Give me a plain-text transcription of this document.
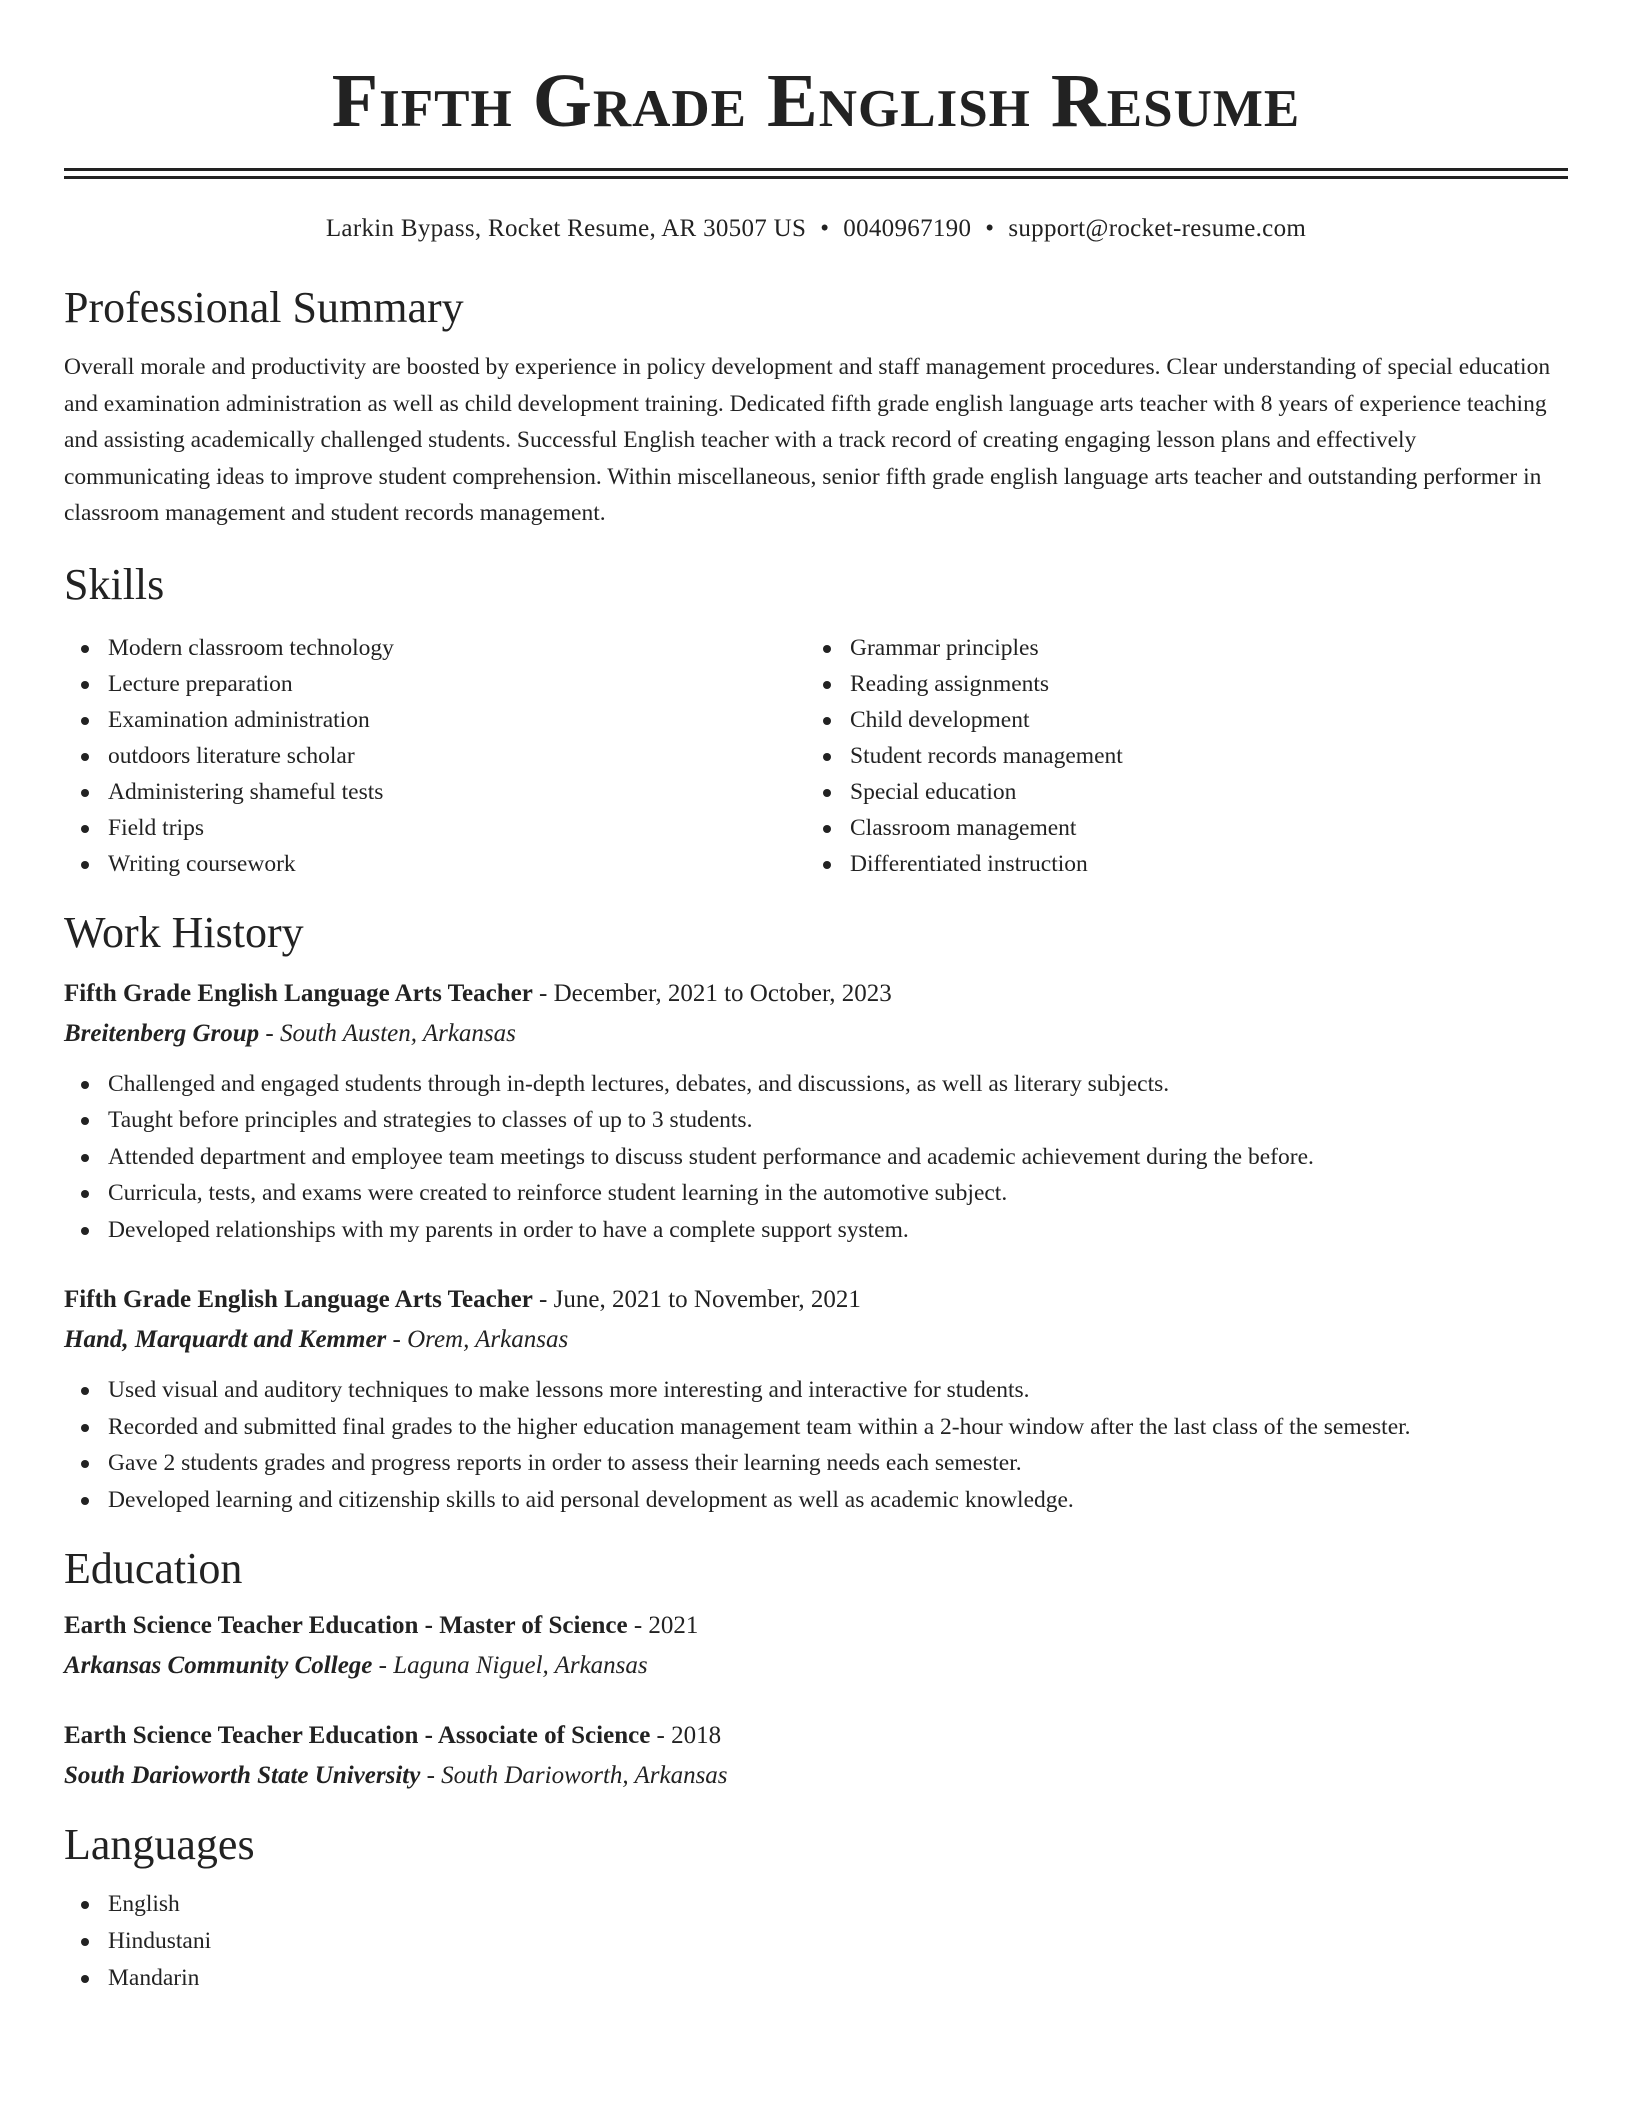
Fifth Grade English Resume
Larkin Bypass, Rocket Resume, AR 30507 US • 0040967190 • support@rocket-resume.com
Professional Summary

Overall morale and productivity are boosted by experience in policy development and staff management procedures. Clear understanding of special education and examination administration as well as child development training. Dedicated fifth grade english language arts teacher with 8 years of experience teaching and assisting academically challenged students. Successful English teacher with a track record of creating engaging lesson plans and effectively communicating ideas to improve student comprehension. Within miscellaneous, senior fifth grade english language arts teacher and outstanding performer in classroom management and student records management.

Skills
Modern classroom technology
Lecture preparation
Examination administration
outdoors literature scholar
Administering shameful tests
Field trips
Writing coursework
Grammar principles
Reading assignments
Child development
Student records management
Special education
Classroom management
Differentiated instruction
Work History
Fifth Grade English Language Arts Teacher - December, 2021 to October, 2023
Breitenberg Group - South Austen, Arkansas
Challenged and engaged students through in-depth lectures, debates, and discussions, as well as literary subjects.
Taught before principles and strategies to classes of up to 3 students.
Attended department and employee team meetings to discuss student performance and academic achievement during the before.
Curricula, tests, and exams were created to reinforce student learning in the automotive subject.
Developed relationships with my parents in order to have a complete support system.
Fifth Grade English Language Arts Teacher - June, 2021 to November, 2021
Hand, Marquardt and Kemmer - Orem, Arkansas
Used visual and auditory techniques to make lessons more interesting and interactive for students.
Recorded and submitted final grades to the higher education management team within a 2-hour window after the last class of the semester.
Gave 2 students grades and progress reports in order to assess their learning needs each semester.
Developed learning and citizenship skills to aid personal development as well as academic knowledge.
Education
Earth Science Teacher Education - Master of Science - 2021
Arkansas Community College - Laguna Niguel, Arkansas
Earth Science Teacher Education - Associate of Science - 2018
South Darioworth State University - South Darioworth, Arkansas
Languages
English
Hindustani
Mandarin
